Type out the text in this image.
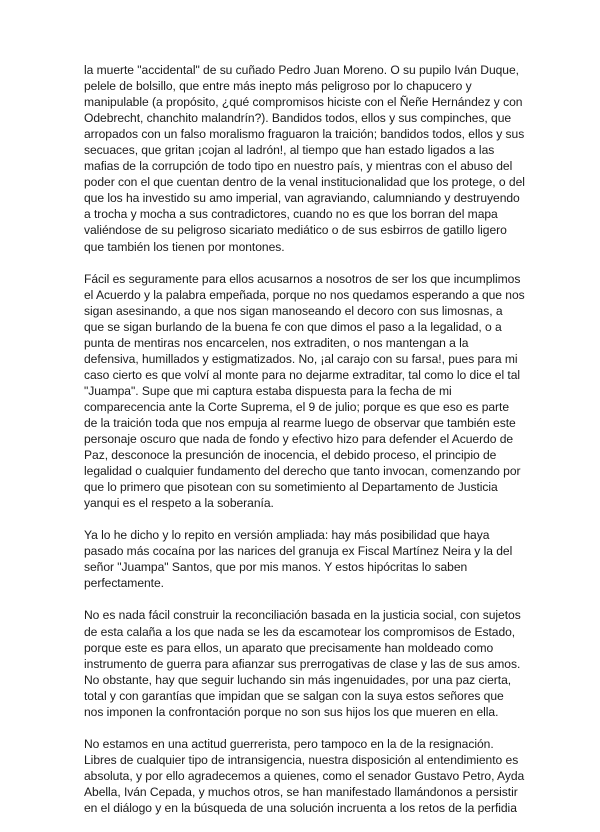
la muerte "accidental" de su cuñado Pedro Juan Moreno. O su pupilo Iván Duque,
pelele de bolsillo, que entre más inepto más peligroso por lo chapucero y
manipulable (a propósito, ¿qué compromisos hiciste con el Ñeñe Hernández y con
Odebrecht, chanchito malandrín?). Bandidos todos, ellos y sus compinches, que
arropados con un falso moralismo fraguaron la traición; bandidos todos, ellos y sus
secuaces, que gritan ¡cojan al ladrón!, al tiempo que han estado ligados a las
mafias de la corrupción de todo tipo en nuestro país, y mientras con el abuso del
poder con el que cuentan dentro de la venal institucionalidad que los protege, o del
que los ha investido su amo imperial, van agraviando, calumniando y destruyendo
a trocha y mocha a sus contradictores, cuando no es que los borran del mapa
valiéndose de su peligroso sicariato mediático o de sus esbirros de gatillo ligero
que también los tienen por montones.

Fácil es seguramente para ellos acusarnos a nosotros de ser los que incumplimos
el Acuerdo y la palabra empeñada, porque no nos quedamos esperando a que nos
sigan asesinando, a que nos sigan manoseando el decoro con sus limosnas, a
que se sigan burlando de la buena fe con que dimos el paso a la legalidad, o a
punta de mentiras nos encarcelen, nos extraditen, o nos mantengan a la
defensiva, humillados y estigmatizados. No, ¡al carajo con su farsa!, pues para mi
caso cierto es que volví al monte para no dejarme extraditar, tal como lo dice el tal
"Juampa". Supe que mi captura estaba dispuesta para la fecha de mi
comparecencia ante la Corte Suprema, el 9 de julio; porque es que eso es parte
de la traición toda que nos empuja al rearme luego de observar que también este
personaje oscuro que nada de fondo y efectivo hizo para defender el Acuerdo de
Paz, desconoce la presunción de inocencia, el debido proceso, el principio de
legalidad o cualquier fundamento del derecho que tanto invocan, comenzando por
que lo primero que pisotean con su sometimiento al Departamento de Justicia
yanqui es el respeto a la soberanía.

Ya lo he dicho y lo repito en versión ampliada: hay más posibilidad que haya
pasado más cocaína por las narices del granuja ex Fiscal Martínez Neira y la del
señor "Juampa" Santos, que por mis manos. Y estos hipócritas lo saben
perfectamente.

No es nada fácil construir la reconciliación basada en la justicia social, con sujetos
de esta calaña a los que nada se les da escamotear los compromisos de Estado,
porque este es para ellos, un aparato que precisamente han moldeado como
instrumento de guerra para afianzar sus prerrogativas de clase y las de sus amos.
No obstante, hay que seguir luchando sin más ingenuidades, por una paz cierta,
total y con garantías que impidan que se salgan con la suya estos señores que
nos imponen la confrontación porque no son sus hijos los que mueren en ella.

No estamos en una actitud guerrerista, pero tampoco en la de la resignación.
Libres de cualquier tipo de intransigencia, nuestra disposición al entendimiento es
absoluta, y por ello agradecemos a quienes, como el senador Gustavo Petro, Ayda
Abella, Iván Cepada, y muchos otros, se han manifestado llamándonos a persistir
en el diálogo y en la búsqueda de una solución incruenta a los retos de la perfidia
